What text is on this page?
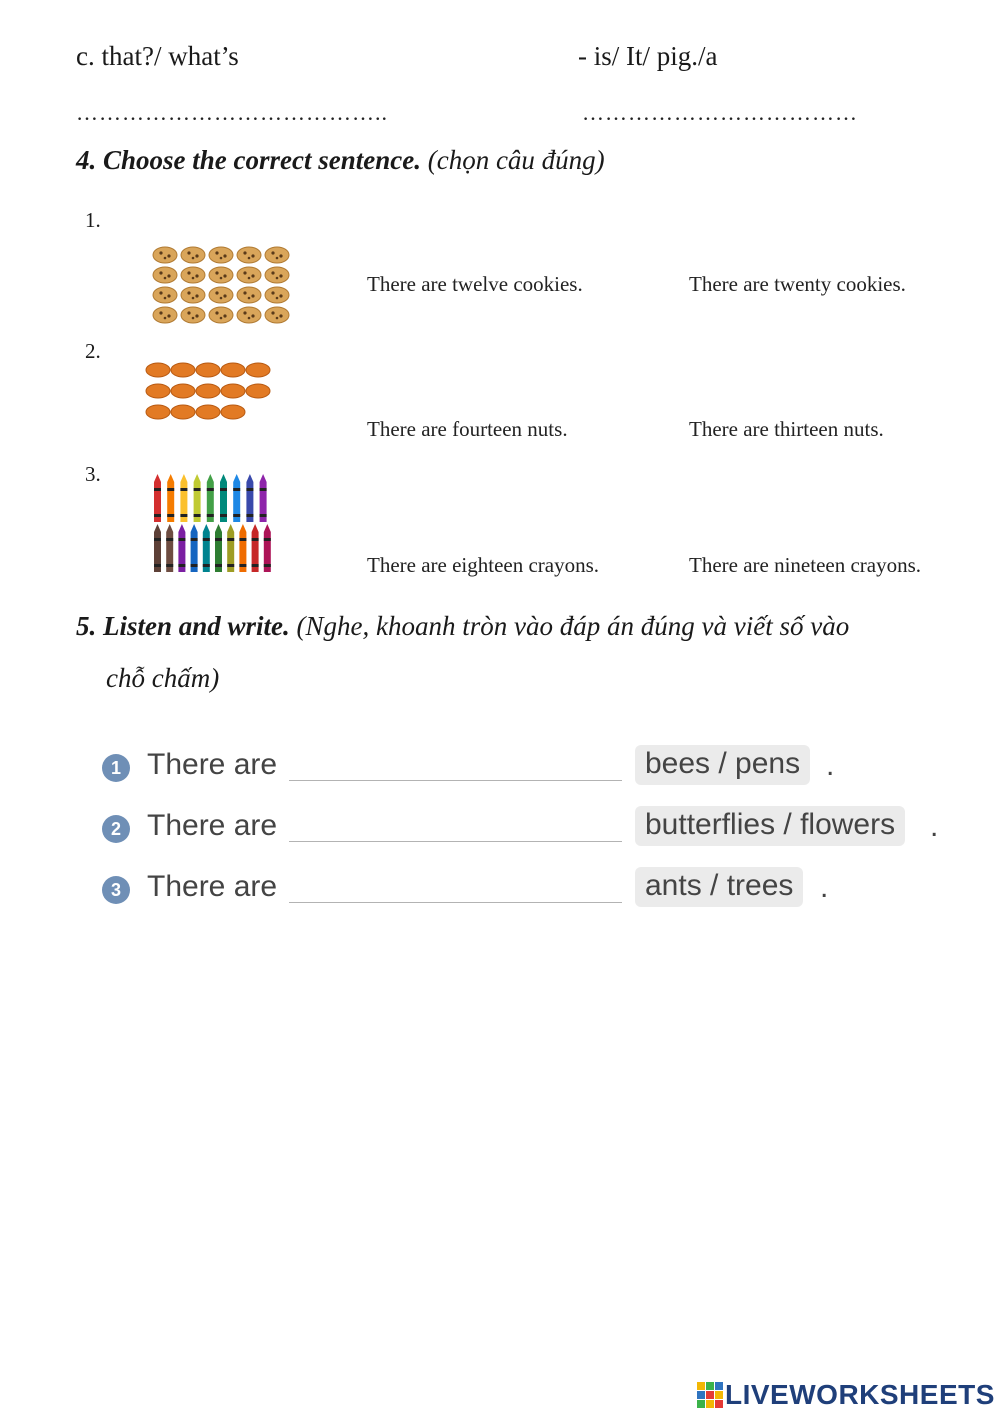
c. that?/ what’s	- is/ It/ pig./a
…………………………………..	………………………………
4. Choose the correct sentence. (chọn câu đúng)
1.
There are twelve cookies.	There are twenty cookies.
2.
There are fourteen nuts.	There are thirteen nuts.
3.
There are eighteen crayons.	There are nineteen crayons.
5. Listen and write. (Nghe, khoanh tròn vào đáp án đúng và viết số vào
chỗ chấm)
1 There are	bees / pens .
2 There are	butterflies / flowers	.
3 There are	ants / trees .
LIVEWORKSHEETS
